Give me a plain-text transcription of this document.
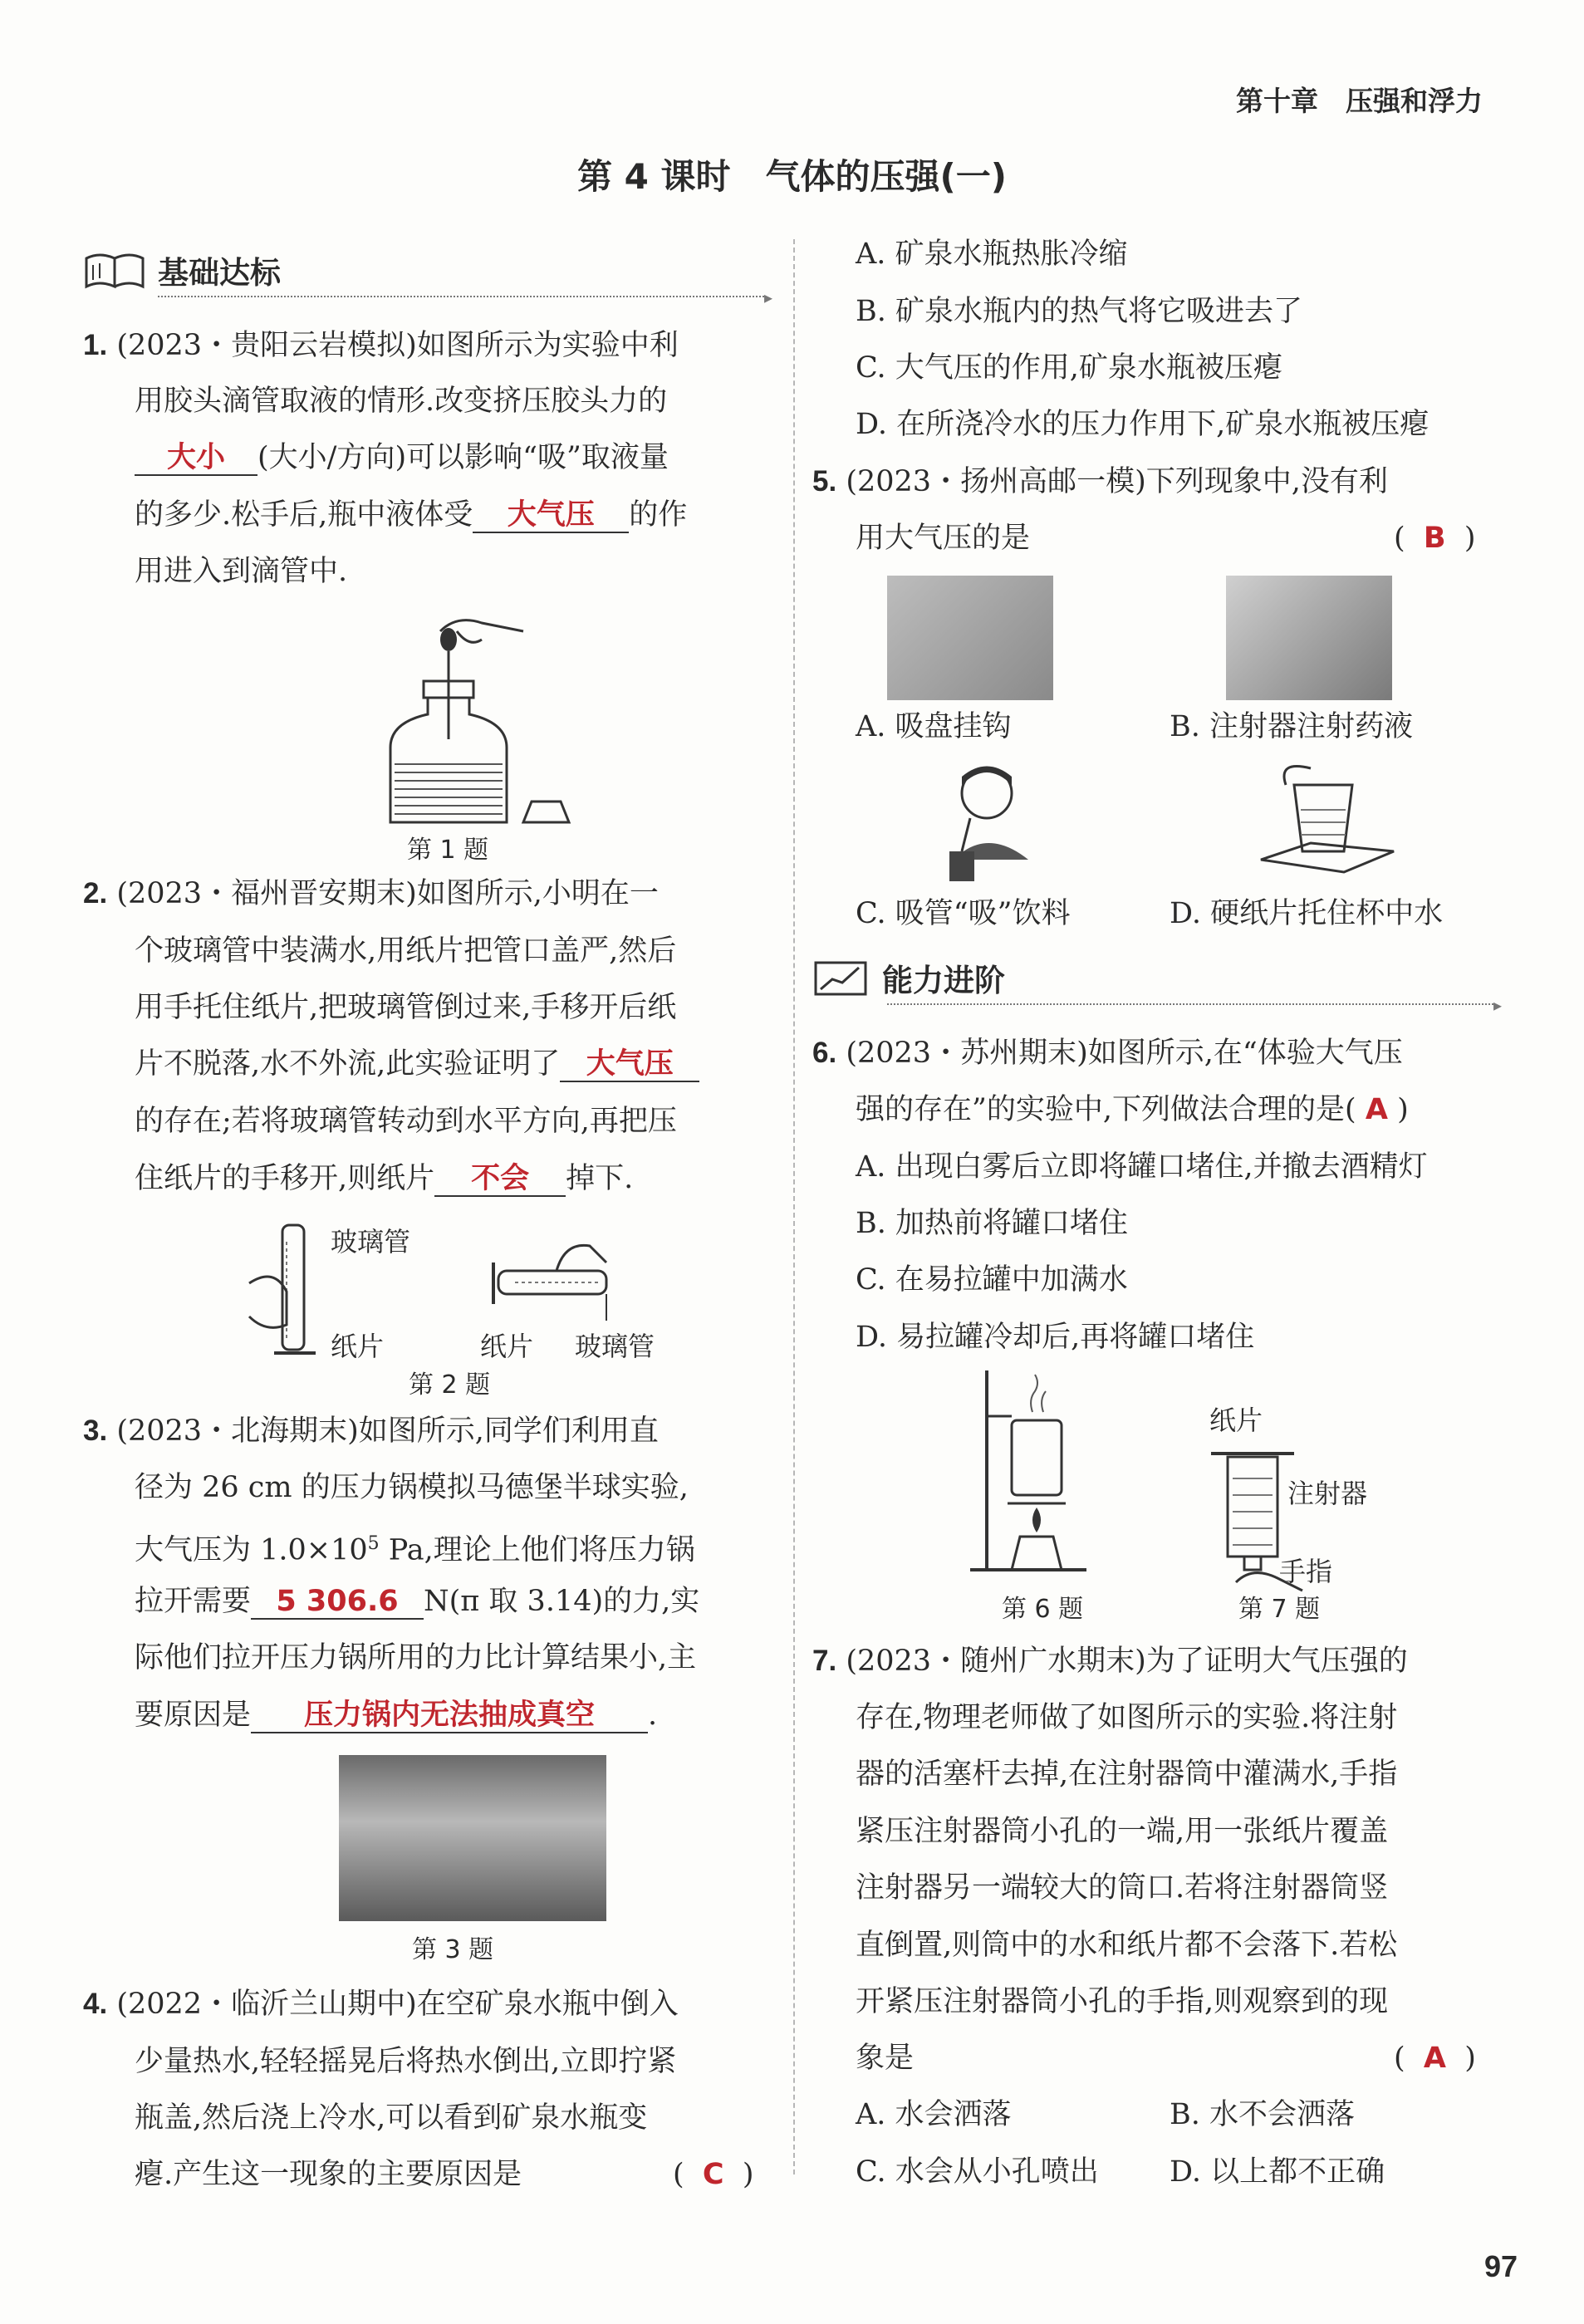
第十章　压强和浮力
第 4 课时　气体的压强(一)
基础达标
▸
1. (2023・贵阳云岩模拟)如图所示为实验中利
用胶头滴管取液的情形.改变挤压胶头力的
大小 (大小/方向)可以影响“吸”取液量
的多少.松手后,瓶中液体受 大气压 的作
用进入到滴管中.
第 1 题
2. (2023・福州晋安期末)如图所示,小明在一
个玻璃管中装满水,用纸片把管口盖严,然后
用手托住纸片,把玻璃管倒过来,手移开后纸
片不脱落,水不外流,此实验证明了 大气压
的存在;若将玻璃管转动到水平方向,再把压
住纸片的手移开,则纸片 不会 掉下.
玻璃管
纸片	纸片 玻璃管
第 2 题
3. (2023・北海期末)如图所示,同学们利用直
径为 26 cm 的压力锅模拟马德堡半球实验,
大气压为 $1.0\times 10^5$ Pa,理论上他们将压力锅
拉开需要 5 306.6 N(π 取 3.14)的力,实
际他们拉开压力锅所用的力比计算结果小,主
要原因是 压力锅内无法抽成真空 .
第 3 题
4. (2022・临沂兰山期中)在空矿泉水瓶中倒入
少量热水,轻轻摇晃后将热水倒出,立即拧紧
瓶盖,然后浇上冷水,可以看到矿泉水瓶变
瘪.产生这一现象的主要原因是	(  C  )
A. 矿泉水瓶热胀冷缩
B. 矿泉水瓶内的热气将它吸进去了
C. 大气压的作用,矿泉水瓶被压瘪
D. 在所浇冷水的压力作用下,矿泉水瓶被压瘪
5. (2023・扬州高邮一模)下列现象中,没有利
用大气压的是	(  B  )
A. 吸盘挂钩	B. 注射器注射药液
C. 吸管“吸”饮料	D. 硬纸片托住杯中水
能力进阶
▸
6. (2023・苏州期末)如图所示,在“体验大气压
强的存在”的实验中,下列做法合理的是( A )
A. 出现白雾后立即将罐口堵住,并撤去酒精灯
B. 加热前将罐口堵住
C. 在易拉罐中加满水
D. 易拉罐冷却后,再将罐口堵住
第 6 题
纸片
注射器
手指
第 7 题
7. (2023・随州广水期末)为了证明大气压强的
存在,物理老师做了如图所示的实验.将注射
器的活塞杆去掉,在注射器筒中灌满水,手指
紧压注射器筒小孔的一端,用一张纸片覆盖
注射器另一端较大的筒口.若将注射器筒竖
直倒置,则筒中的水和纸片都不会落下.若松
开紧压注射器筒小孔的手指,则观察到的现
象是	(  A  )
A. 水会洒落	B. 水不会洒落
C. 水会从小孔喷出 D. 以上都不正确
97
